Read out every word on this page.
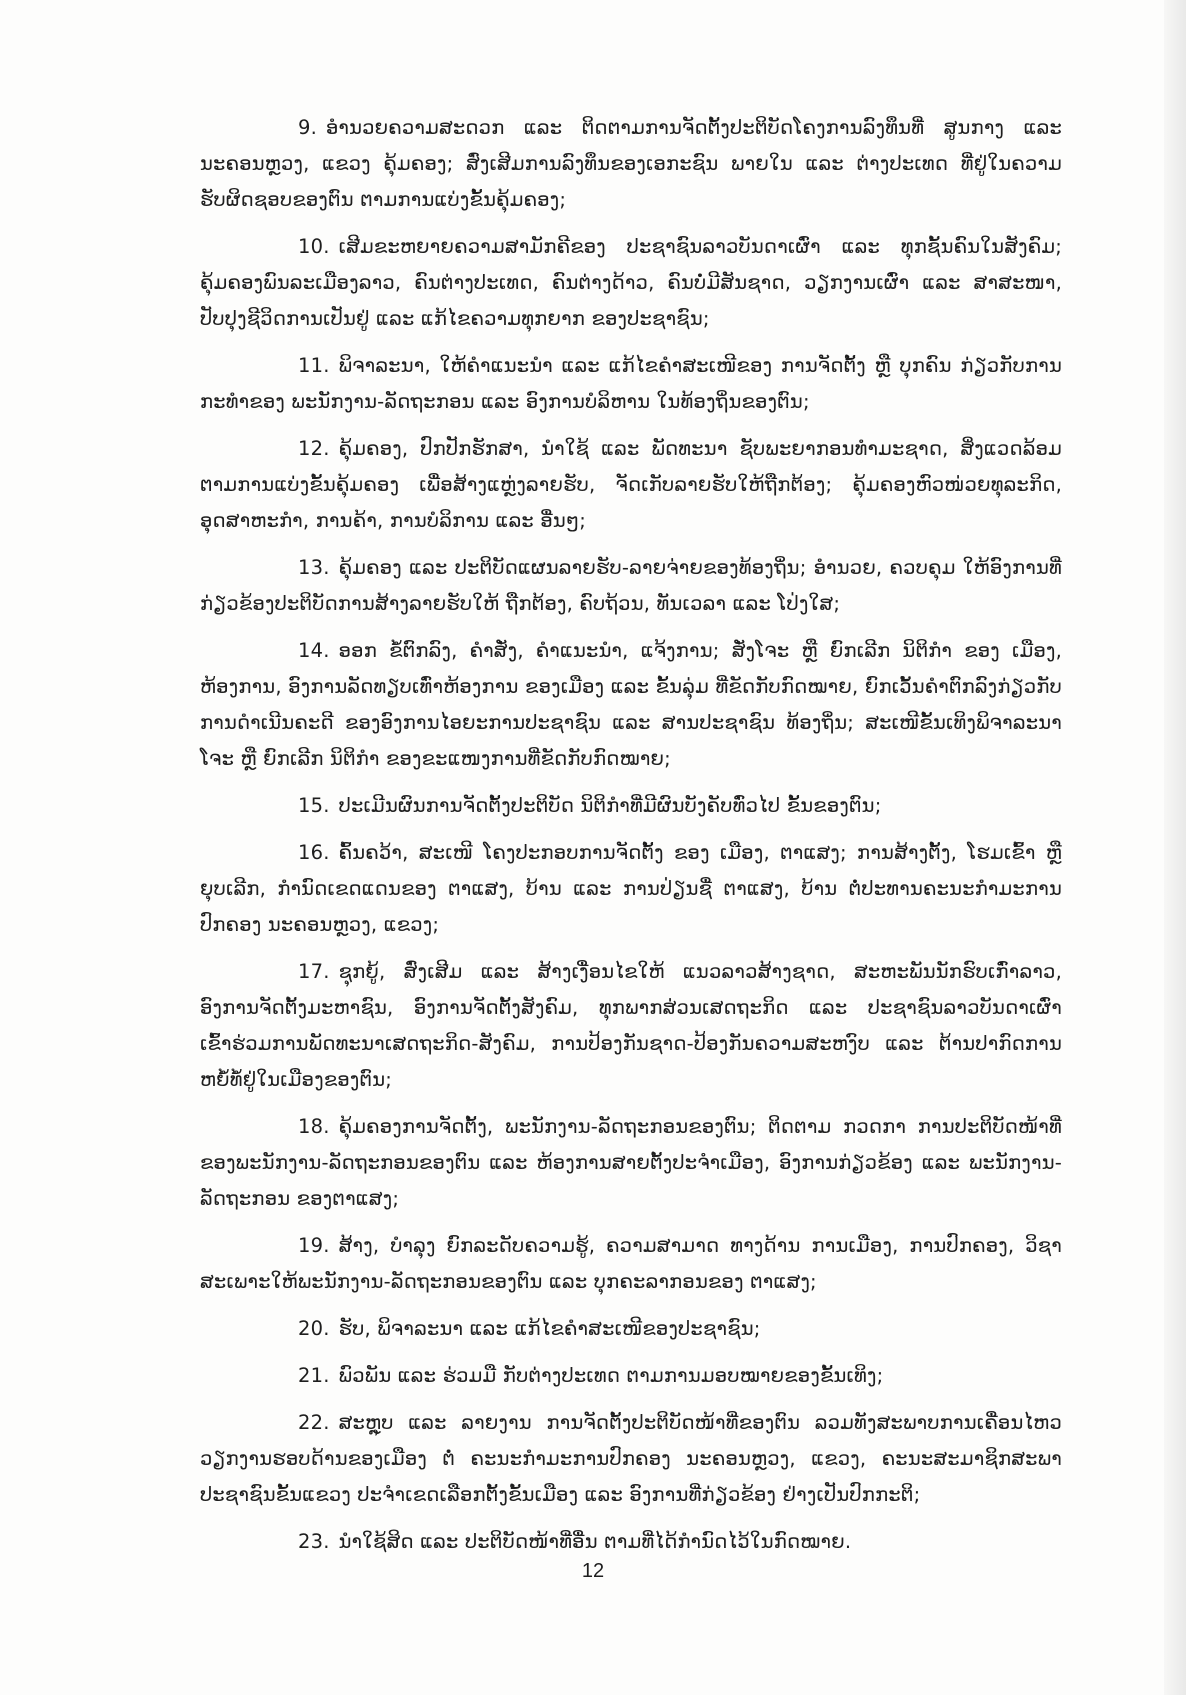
9. ອຳນວຍຄວາມສະດວກ ແລະ ຕິດຕາມການຈັດຕັ້ງປະຕິບັດໂຄງການລົງທຶນທີ່ ສູນກາງ ແລະ ນະຄອນຫຼວງ, ແຂວງ ຄຸ້ມຄອງ; ສົ່ງເສີມການລົງທຶນຂອງເອກະຊົນ ພາຍໃນ ແລະ ຕ່າງປະເທດ ທີ່ຢູ່ໃນຄວາມຮັບຜິດຊອບຂອງຕົນ ຕາມການແບ່ງຂັ້ນຄຸ້ມຄອງ;

10. ເສີມຂະຫຍາຍຄວາມສາມັກຄີຂອງ ປະຊາຊົນລາວບັນດາເຜົ່າ ແລະ ທຸກຊັ້ນຄົນໃນສັງຄົມ; ຄຸ້ມຄອງພົນລະເມືອງລາວ, ຄົນຕ່າງປະເທດ, ຄົນຕ່າງດ້າວ, ຄົນບໍ່ມີສັນຊາດ, ວຽກງານເຜົ່າ ແລະ ສາສະໜາ, ປັບປຸງຊີວິດການເປັນຢູ່ ແລະ ແກ້ໄຂຄວາມທຸກຍາກ ຂອງປະຊາຊົນ;

11. ພິຈາລະນາ, ໃຫ້ຄຳແນະນຳ ແລະ ແກ້ໄຂຄຳສະເໜີຂອງ ການຈັດຕັ້ງ ຫຼື ບຸກຄົນ ກ່ຽວກັບການກະທຳຂອງ ພະນັກງານ-ລັດຖະກອນ ແລະ ອົງການບໍລິຫານ ໃນທ້ອງຖິ່ນຂອງຕົນ;

12. ຄຸ້ມຄອງ, ປົກປັກຮັກສາ, ນຳໃຊ້ ແລະ ພັດທະນາ ຊັບພະຍາກອນທຳມະຊາດ, ສິ່ງແວດລ້ອມ ຕາມການແບ່ງຂັ້ນຄຸ້ມຄອງ ເພື່ອສ້າງແຫຼ່ງລາຍຮັບ, ຈັດເກັບລາຍຮັບໃຫ້ຖືກຕ້ອງ; ຄຸ້ມຄອງຫົວໜ່ວຍທຸລະກິດ, ອຸດສາຫະກຳ, ການຄ້າ, ການບໍລິການ ແລະ ອື່ນໆ;

13. ຄຸ້ມຄອງ ແລະ ປະຕິບັດແຜນລາຍຮັບ-ລາຍຈ່າຍຂອງທ້ອງຖິ່ນ; ອຳນວຍ, ຄວບຄຸມ ໃຫ້ອົງການທີ່ກ່ຽວຂ້ອງປະຕິບັດການສ້າງລາຍຮັບໃຫ້ ຖືກຕ້ອງ, ຄົບຖ້ວນ, ທັນເວລາ ແລະ ໂປ່ງໃສ;

14. ອອກ ຂໍ້ຕົກລົງ, ຄຳສັ່ງ, ຄຳແນະນຳ, ແຈ້ງການ; ສັ່ງໂຈະ ຫຼື ຍົກເລີກ ນິຕິກຳ ຂອງ ເມືອງ, ຫ້ອງການ, ອົງການລັດທຽບເທົ່າຫ້ອງການ ຂອງເມືອງ ແລະ ຂັ້ນລຸ່ມ ທີ່ຂັດກັບກົດໝາຍ, ຍົກເວັ້ນຄຳຕົກລົງກ່ຽວກັບການດຳເນີນຄະດີ ຂອງອົງການໄອຍະການປະຊາຊົນ ແລະ ສານປະຊາຊົນ ທ້ອງຖິ່ນ; ສະເໜີຂັ້ນເທິງພິຈາລະນາໂຈະ ຫຼື ຍົກເລີກ ນິຕິກຳ ຂອງຂະແໜງການທີ່ຂັດກັບກົດໝາຍ;

15. ປະເມີນຜົນການຈັດຕັ້ງປະຕິບັດ ນິຕິກຳທີ່ມີຜົນບັງຄັບທົ່ວໄປ ຂັ້ນຂອງຕົນ;

16. ຄົ້ນຄວ້າ, ສະເໜີ ໂຄງປະກອບການຈັດຕັ້ງ ຂອງ ເມືອງ, ຕາແສງ; ການສ້າງຕັ້ງ, ໂຮມເຂົ້າ ຫຼື ຍຸບເລີກ, ກຳນົດເຂດແດນຂອງ ຕາແສງ, ບ້ານ ແລະ ການປ່ຽນຊື່ ຕາແສງ, ບ້ານ ຕໍ່ປະທານຄະນະກຳມະການປົກຄອງ ນະຄອນຫຼວງ, ແຂວງ;

17. ຊຸກຍູ້, ສົ່ງເສີມ ແລະ ສ້າງເງື່ອນໄຂໃຫ້ ແນວລາວສ້າງຊາດ, ສະຫະພັນນັກຮົບເກົ່າລາວ, ອົງການຈັດຕັ້ງມະຫາຊົນ, ອົງການຈັດຕັ້ງສັງຄົມ, ທຸກພາກສ່ວນເສດຖະກິດ ແລະ ປະຊາຊົນລາວບັນດາເຜົ່າ ເຂົ້າຮ່ວມການພັດທະນາເສດຖະກິດ-ສັງຄົມ, ການປ້ອງກັນຊາດ-ປ້ອງກັນຄວາມສະຫງົບ ແລະ ຕ້ານປາກົດການຫຍໍ້ທໍ້ຢູ່ໃນເມືອງຂອງຕົນ;

18. ຄຸ້ມຄອງການຈັດຕັ້ງ, ພະນັກງານ-ລັດຖະກອນຂອງຕົນ; ຕິດຕາມ ກວດກາ ການປະຕິບັດໜ້າທີ່ຂອງພະນັກງານ-ລັດຖະກອນຂອງຕົນ ແລະ ຫ້ອງການສາຍຕັ້ງປະຈຳເມືອງ, ອົງການກ່ຽວຂ້ອງ ແລະ ພະນັກງານ-ລັດຖະກອນ ຂອງຕາແສງ;

19. ສ້າງ, ບຳລຸງ ຍົກລະດັບຄວາມຮູ້, ຄວາມສາມາດ ທາງດ້ານ ການເມືອງ, ການປົກຄອງ, ວິຊາສະເພາະໃຫ້ພະນັກງານ-ລັດຖະກອນຂອງຕົນ ແລະ ບຸກຄະລາກອນຂອງ ຕາແສງ;

20. ຮັບ, ພິຈາລະນາ ແລະ ແກ້ໄຂຄຳສະເໜີຂອງປະຊາຊົນ;

21. ພົວພັນ ແລະ ຮ່ວມມື ກັບຕ່າງປະເທດ ຕາມການມອບໝາຍຂອງຂັ້ນເທິງ;

22. ສະຫຼຸບ ແລະ ລາຍງານ ການຈັດຕັ້ງປະຕິບັດໜ້າທີ່ຂອງຕົນ ລວມທັງສະພາບການເຄື່ອນໄຫວວຽກງານຮອບດ້ານຂອງເມືອງ ຕໍ່ ຄະນະກຳມະການປົກຄອງ ນະຄອນຫຼວງ, ແຂວງ, ຄະນະສະມາຊິກສະພາປະຊາຊົນຂັ້ນແຂວງ ປະຈຳເຂດເລືອກຕັ້ງຂັ້ນເມືອງ ແລະ ອົງການທີ່ກ່ຽວຂ້ອງ ຢ່າງເປັນປົກກະຕິ;

23. ນຳໃຊ້ສິດ ແລະ ປະຕິບັດໜ້າທີ່ອື່ນ ຕາມທີ່ໄດ້ກຳນົດໄວ້ໃນກົດໝາຍ.

12
